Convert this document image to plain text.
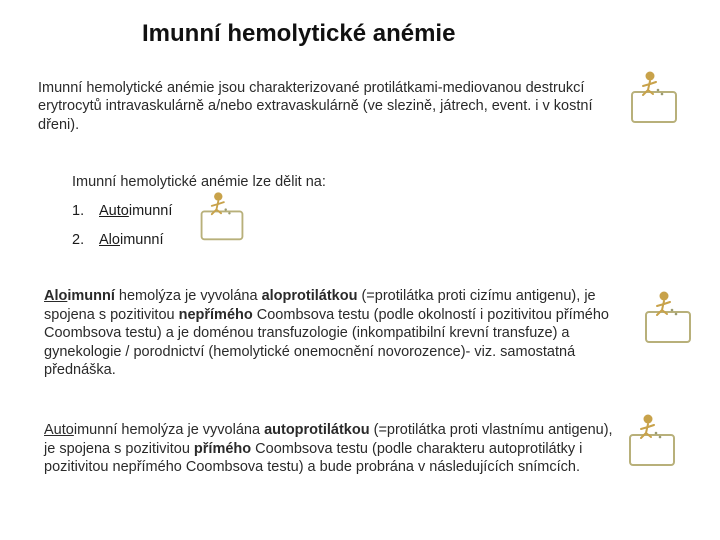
Imunní hemolytické anémie
Imunní hemolytické anémie jsou charakterizované protilátkami-mediovanou destrukcí erytrocytů intravaskulárně a/nebo extravaskulárně (ve slezině, játrech, event. i v kostní dřeni).
Imunní hemolytické anémie lze dělit na:
1. Autoimunní
2. Aloimunní
Aloimunní hemolýza je vyvolána aloprotilátkou (=protilátka proti cizímu antigenu), je spojena s pozitivitou nepřímého Coombsova testu (podle okolností i pozitivitou přímého Coombsova testu) a je doménou transfuzologie (inkompatibilní krevní transfuze) a gynekologie / porodnictví (hemolytické onemocnění novorozence)- viz. samostatná přednáška.
Autoimunní hemolýza je vyvolána autoprotilátkou (=protilátka proti vlastnímu antigenu), je spojena s pozitivitou přímého Coombsova testu (podle charakteru autoprotilátky i pozitivitou nepřímého Coombsova testu) a bude probrána v následujících snímcích.
